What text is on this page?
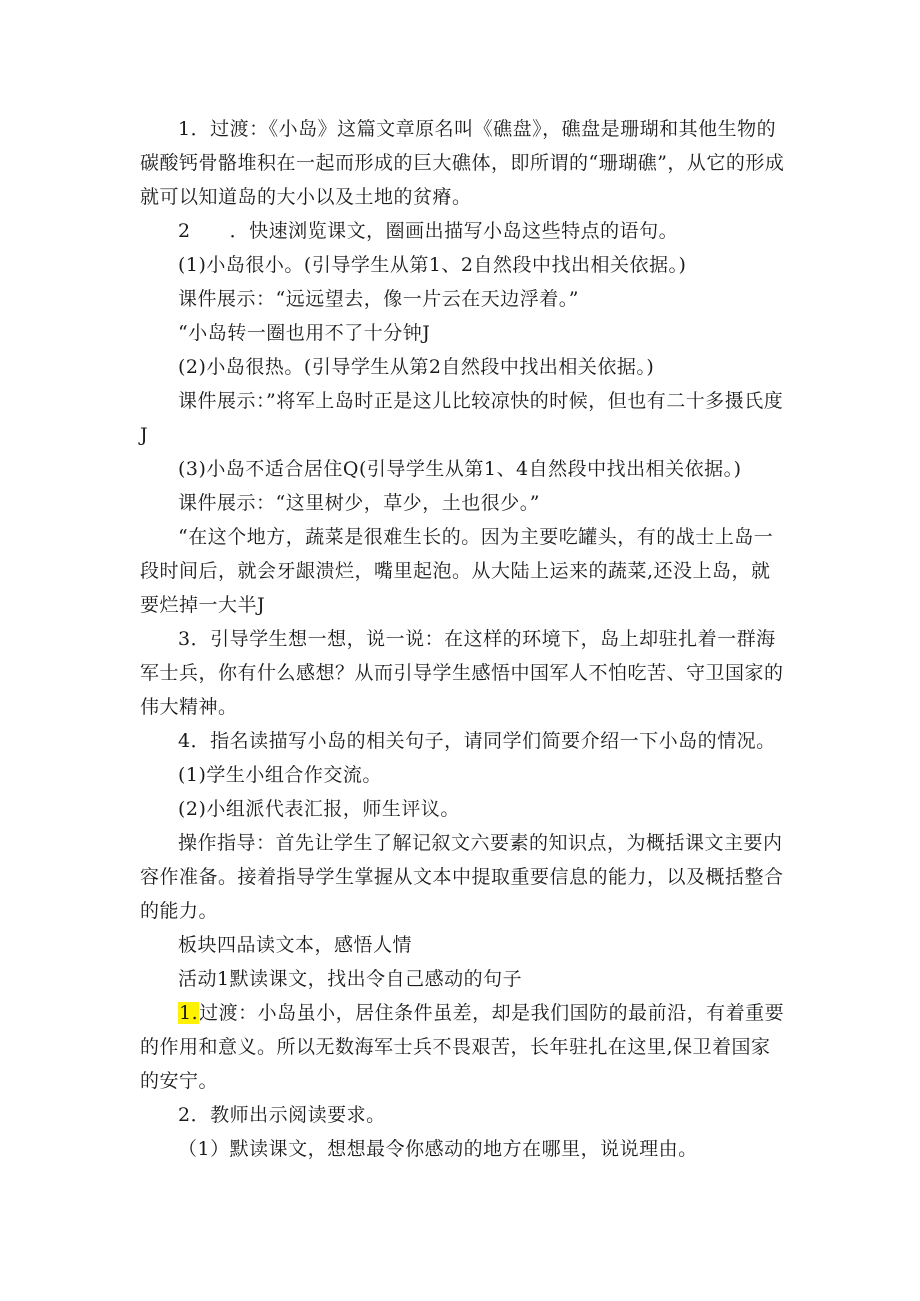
1．过渡：《小岛》这篇文章原名叫《礁盘》，礁盘是珊瑚和其他生物的碳酸钙骨骼堆积在一起而形成的巨大礁体，即所谓的“珊瑚礁”，从它的形成就可以知道岛的大小以及土地的贫瘠。

2　　．快速浏览课文，圈画出描写小岛这些特点的语句。

(1)小岛很小。(引导学生从第1、2自然段中找出相关依据。)

课件展示：“远远望去，像一片云在天边浮着。”

“小岛转一圈也用不了十分钟J

(2)小岛很热。(引导学生从第2自然段中找出相关依据。)

课件展示：”将军上岛时正是这儿比较凉快的时候，但也有二十多摄氏度J

(3)小岛不适合居住Q(引导学生从第1、4自然段中找出相关依据。)

课件展示：“这里树少，草少，土也很少。”

“在这个地方，蔬菜是很难生长的。因为主要吃罐头，有的战士上岛一段时间后，就会牙龈溃烂，嘴里起泡。从大陆上运来的蔬菜,还没上岛，就要烂掉一大半J

3．引导学生想一想，说一说：在这样的环境下，岛上却驻扎着一群海军士兵，你有什么感想？从而引导学生感悟中国军人不怕吃苦、守卫国家的伟大精神。

4．指名读描写小岛的相关句子，请同学们简要介绍一下小岛的情况。

(1)学生小组合作交流。

(2)小组派代表汇报，师生评议。

操作指导：首先让学生了解记叙文六要素的知识点，为概括课文主要内容作准备。接着指导学生掌握从文本中提取重要信息的能力，以及概括整合的能力。

板块四品读文本，感悟人情

活动1默读课文，找出令自己感动的句子

1.过渡：小岛虽小，居住条件虽差，却是我们国防的最前沿，有着重要的作用和意义。所以无数海军士兵不畏艰苦，长年驻扎在这里,保卫着国家的安宁。

2．教师出示阅读要求。

（1）默读课文，想想最令你感动的地方在哪里，说说理由。
